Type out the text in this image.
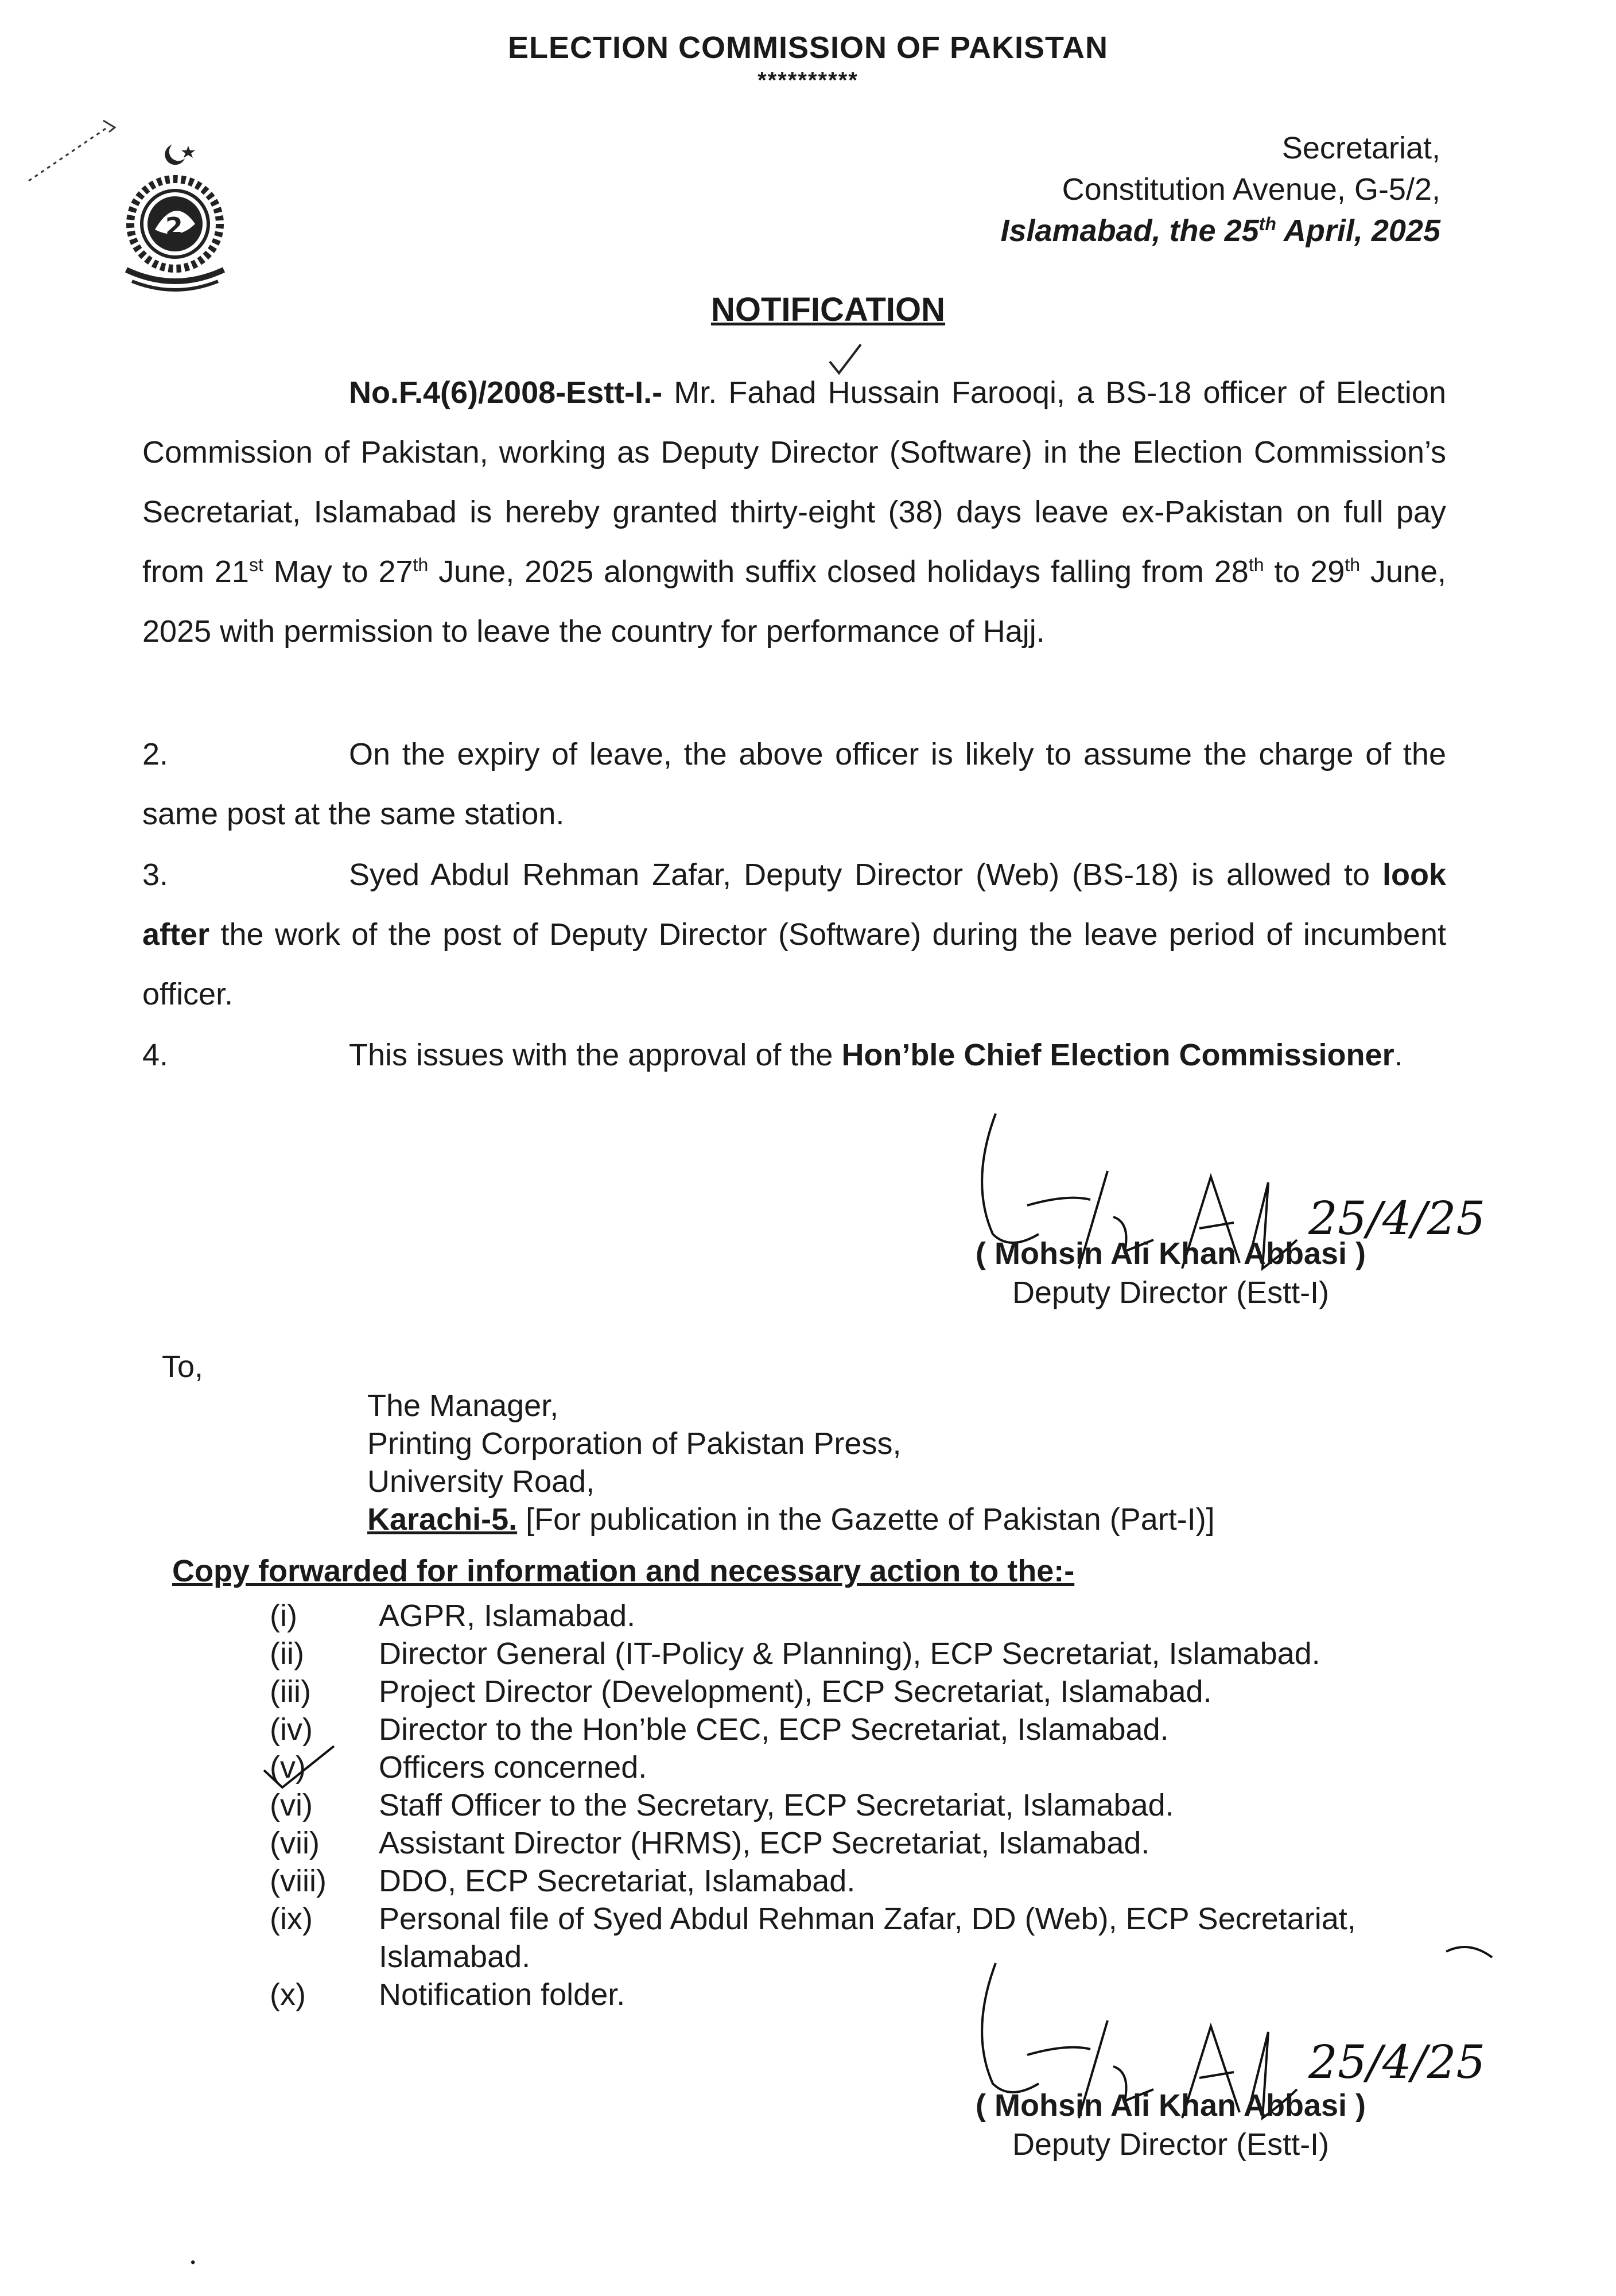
2
ELECTION COMMISSION OF PAKISTAN
**********
Secretariat,
Constitution Avenue, G-5/2,
Islamabad, the 25th April, 2025
NOTIFICATION
No.F.4(6)/2008-Estt-I.- Mr. Fahad Hussain Farooqi, a BS-18 officer of Election Commission of Pakistan, working as Deputy Director (Software) in the Election Commission’s Secretariat, Islamabad is hereby granted thirty-eight (38) days leave ex-Pakistan on full pay from 21st May to 27th June, 2025 alongwith suffix closed holidays falling from 28th to 29th June, 2025 with permission to leave the country for performance of Hajj.
2.	On the expiry of leave, the above officer is likely to assume the charge of the same post at the same station.
3.	Syed Abdul Rehman Zafar, Deputy Director (Web) (BS-18) is allowed to look after the work of the post of Deputy Director (Software) during the leave period of incumbent officer.
4.	This issues with the approval of the Hon’ble Chief Election Commissioner.
25/4/25
( Mohsin Ali Khan Abbasi )
Deputy Director (Estt-I)
To,
The Manager,
Printing Corporation of Pakistan Press,
University Road,
Karachi-5. [For publication in the Gazette of Pakistan (Part-I)]
Copy forwarded for information and necessary action to the:-
(i)	AGPR, Islamabad.
(ii)	Director General (IT-Policy & Planning), ECP Secretariat, Islamabad.
(iii)	Project Director (Development), ECP Secretariat, Islamabad.
(iv)	Director to the Hon’ble CEC, ECP Secretariat, Islamabad.
(v)	Officers concerned.
(vi)	Staff Officer to the Secretary, ECP Secretariat, Islamabad.
(vii)	Assistant Director (HRMS), ECP Secretariat, Islamabad.
(viii)	DDO, ECP Secretariat, Islamabad.
(ix)	Personal file of Syed Abdul Rehman Zafar, DD (Web), ECP Secretariat, Islamabad.
(x)	Notification folder.
25/4/25
( Mohsin Ali Khan Abbasi )
Deputy Director (Estt-I)
•
